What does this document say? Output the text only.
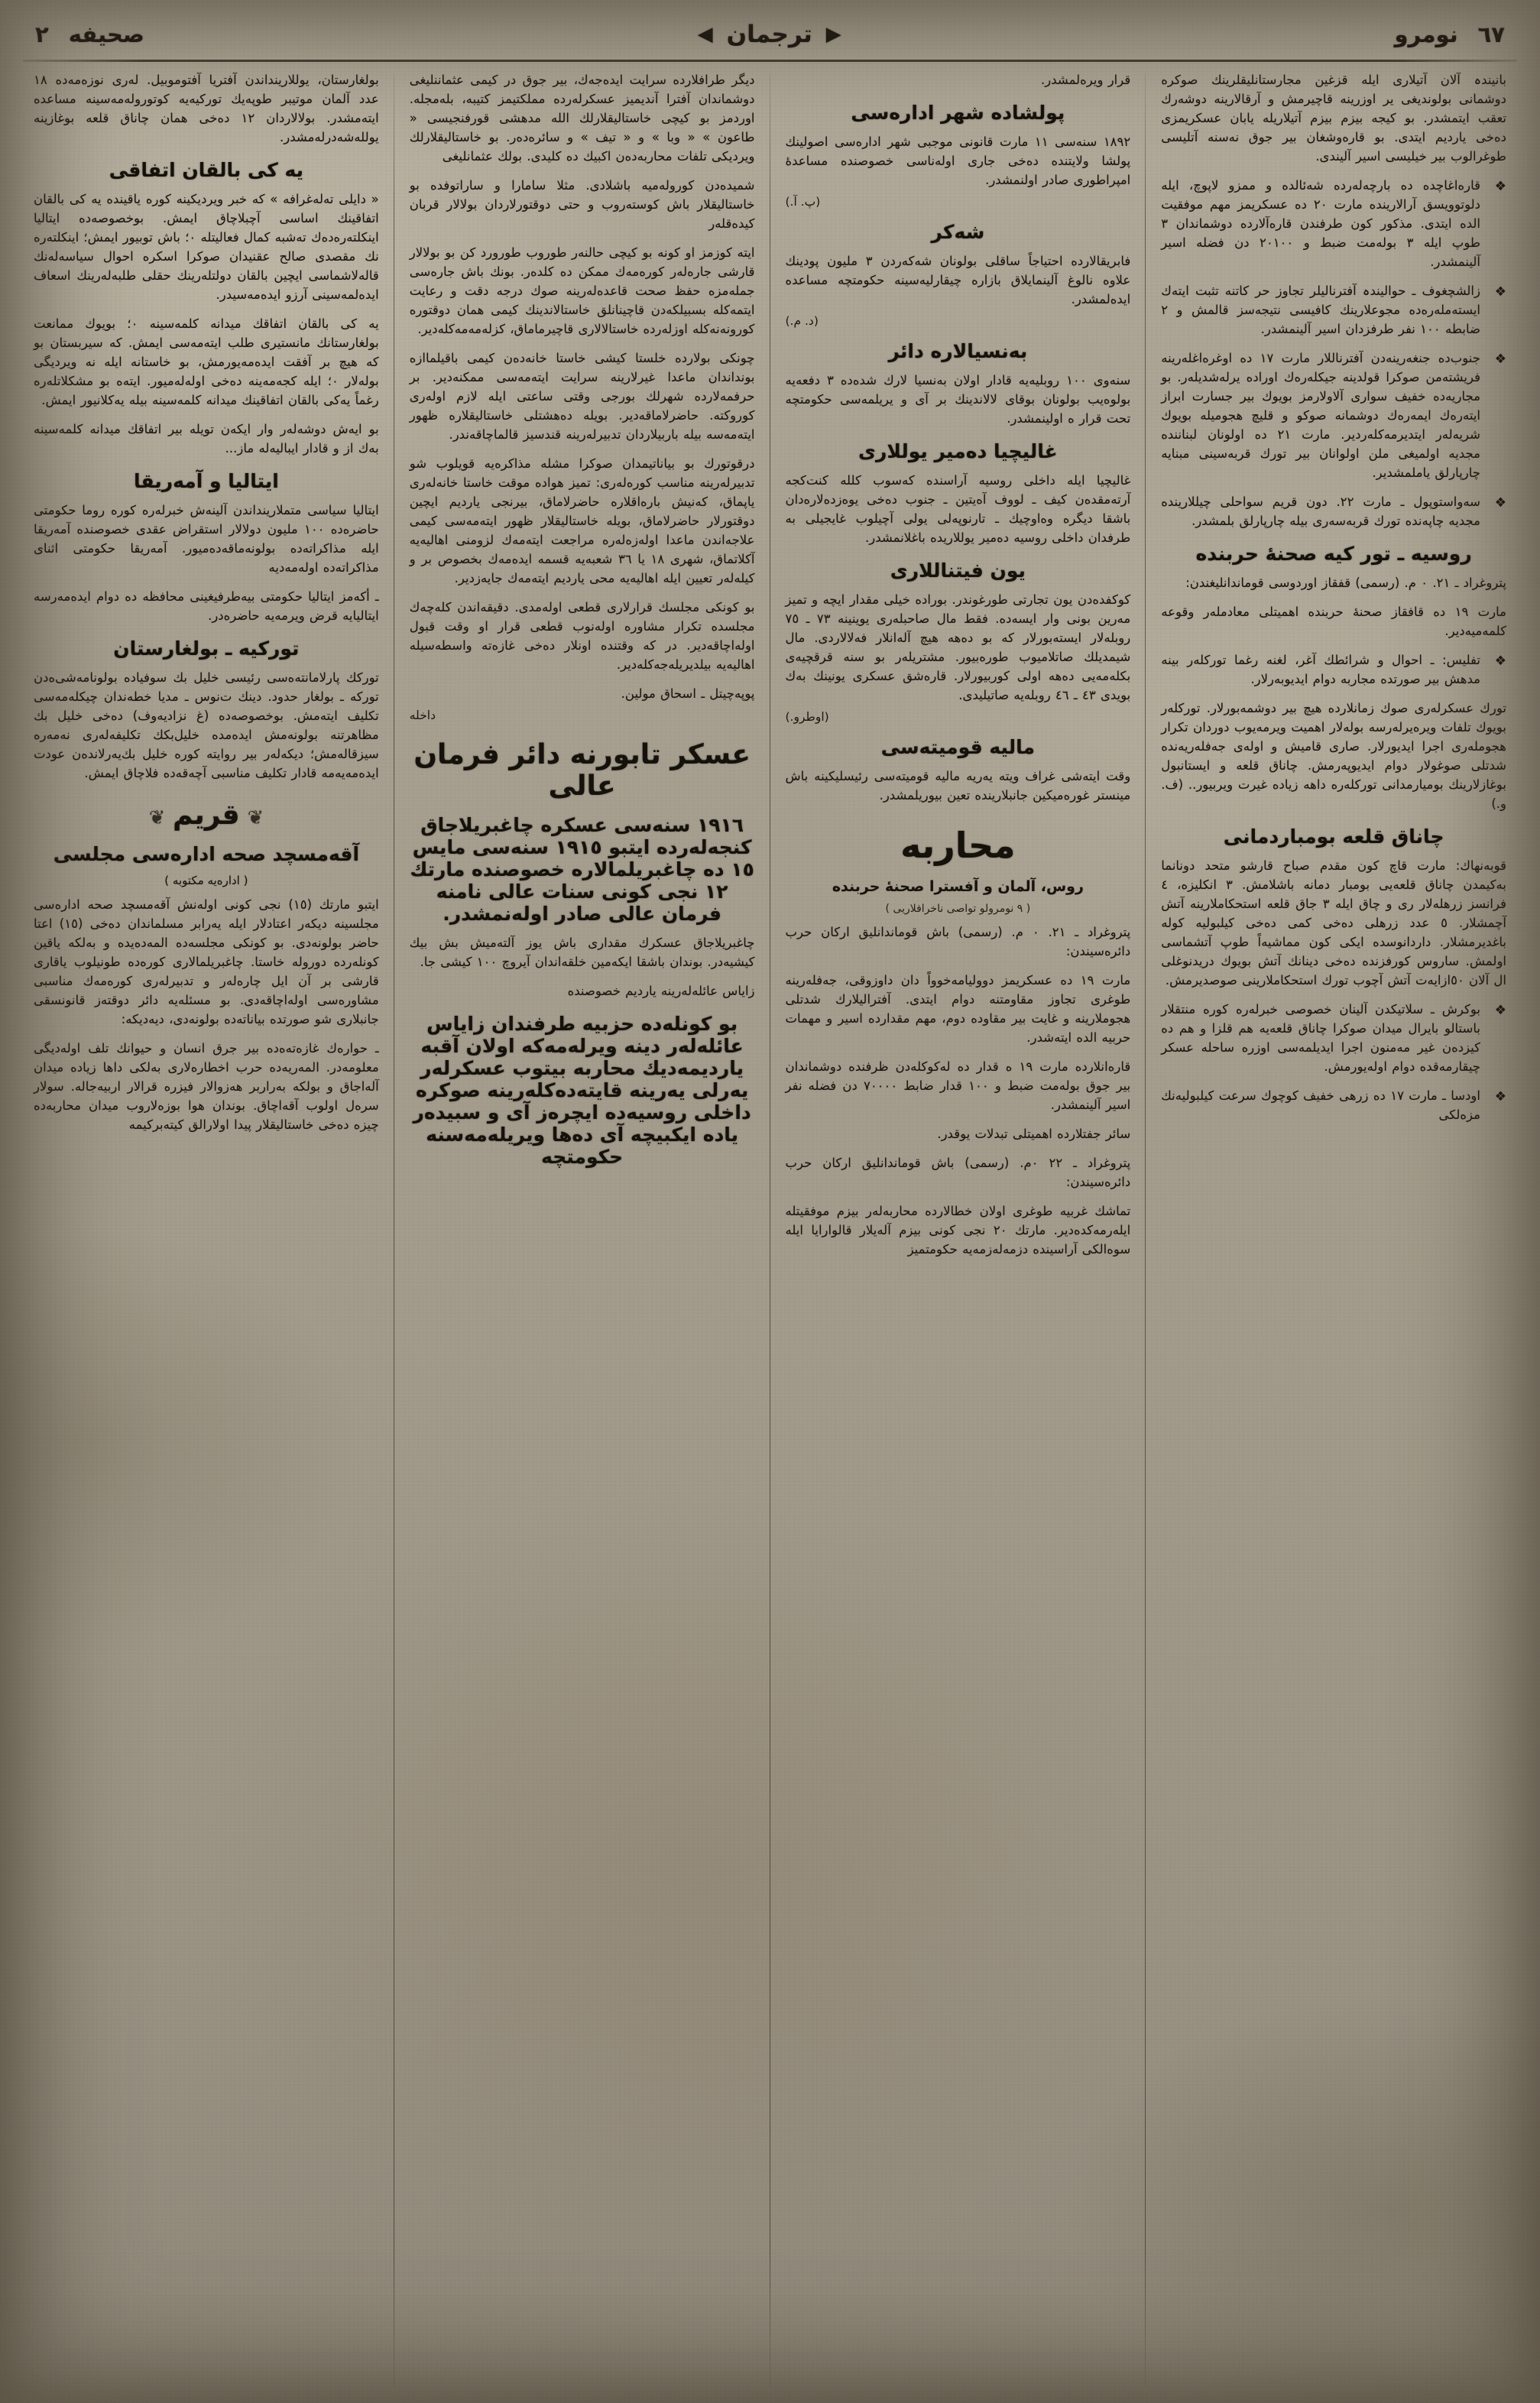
٦٧
نومرو
▶
ترجمان
◀
صحیفه
٢

بانیندہ آلان آتیلاری ایله قزغین مجارستانلیقلرینك صوکره دوشمانی بولونديغی یر اوزرینه قاچیرمش و آرقالارینه دوشەرك تعقب ایتمشدر. بو کیجه بیزم بیزم آتیلاریله یابان عسکریمزی دەخی یاردیم ایتدی. بو قارەوشغان بیر جوق نەسنه آتلیسی طوغرالوب بیر خیلیسی اسیر آلیندی.

❖
قارەاغاچدە ده بارچەلەرده شەئالده و ممزو لاپوچ، ایله دلوتوویسق آرالارینده مارت ٢٠ ده عسکریمز مهم موفقیت الده ایتدی. مذکور کون طرفندن قارەآلاردە دوشماندان ٣ طوپ ایله ٣ بولەمت ضبط و ٢٠١٠٠ دن فضله اسیر آلینمشدر.

❖
زالشچغوف ـ حوالیندہ آفترنالیلر تجاوز حر کاتنه تثبت ایتەك ایستەملەرەدە مجوعلارینك کافیسی نتیجەسز قالمش و ٢ ضابطه ١٠٠ نفر طرفزدان اسیر آلینمشدر.

❖
جنوب‌ده جنغەرینەدن آفترناللار مارت ١٧ ده اوغرەاغلەرینە فریشتەمن صوکرا قولدینه جیکلەرەك اوراده یرلەشدیلەر. بو مجاریەدە خفیف سواری آلاولارمز بویوك بیر جسارت ابراز ایتەرەك ایمەرەك دوشمانه صوکو و قلیچ هجومیله بویوك شریەلەر ایتدیرمەكلەردیر. مارت ٢١ ده اولونان لبنانندە مجدیه اولمیغی ملن اولوانان بیر تورك قربەسینی مبنا‌یه چارپارلق یاملمشدیر.

❖
سەواستوپول ـ مارت ٢٢. دون قریم سواحلی چیللارینده مجدیه چاپەندە تورك قربەسەری بیلە چارپارلق بلمشدر.

روسیه ـ تور کیه صحنۀ حربنده

پتروغراد ـ ٢١. ٠ م. (رسمی) قفقاز اوردوسی قوماندانلیغندن:

مارت ١٩ ده قافقاز صحنۀ حربنده اهمیتلی معادملەر وقوعه کلمەمیەدیر.

❖
تفلیس: ـ احوال و شرائطك آغر، لغنه رغما تورکلەر بینه مدهش بیر صورتده مجاربه دوام ایدیوبەرلار.

تورك عسکرلەری صوك زمانلارده هیچ بیر دوشمەبورلار. تورکلەر بویوك تلفات ویرەیرلەرسه بولەلار اهمیت ویرمەیوب دوردان تکرار هجوملەری اجرا ایدیورلار. صاری قامیش و اولەی جەفلەریەنده شدتلی صوغولار دوام ایدیوپەرمش. چاناق قلعه و ایستانبول بوغازلارینك بومیارمدانی تورکلەرە داهه زیاده غیرت ویربیور.. (ف. و.)

چاناق قلعه بومباردمانی

قوبەنهاك: مارت قاچ کون مقدم صباح قارشو متحد دونانما به‌کیمدن چاناق قلعەیی بومبار دمانە باشلامش. ٣ انکلیزە، ٤ فرانسز زرهلەلار ری و چاق ایله ٣ جاق قلعه استحکاملارینە آتش آچمشلار. ٥ عدد زرهلی ده‌خی کمی دەخی کیلبولیه كوله باغدیرمشلار. داردانوسدە ایکی کون مماشیه‌اً طوپ آتشماسی اولمش. ساروس كورفزنده دەخی دینانك آتش بویوك دریدنوغلی ال آلان ٥٠ازایەت آتش آچوب تورك استحکاملارینی صوصدیرمش.

❖
بوکرش ـ سلاتیکدن آلینان خصوصی خبرلەره کوره منتقلار باستالو بایرال میدان صوکرا چاناق قلعه‌یه هم قلزا و هم ده کیزدەن غیر مەمنون اجرا ایدیلمەسی اوزرە ساحلە عسکر چیقارمەقدە دوام اولەیورمش.

❖
اودسا ـ مارت ١٧ ده زرهی خفیف كوچوك سرعت کیلبولیەنك مزەلكی

قرار ویرەلمشدر.

پولشادە شهر ادارەسی

١٨٩٢ سنەسی ١١ مارت قانونی موجبی شهر ادارەسی اصولینك پولشا ولایتنده دەخی جاری اولەناسی خصوصنده مساعدۀ امپراطوری صادر اولنمشدر.

(پ. آ.)

شه‌كر

فابریقالاردە احتیاجاً ساقلی بولونان شه‌كەردن ٣ ملیون پودینك علاوه نالوغ آلینمایلاق بازارە چیقارلیەسینە حکومتچه مساعده ایدەلمشدر.

(د. م.)

به‌نسیالاره دائر

سنەوی ١٠٠ روبلیەیە قادار اولان به‌نسیا لارك شدەدە ٣ دفعه‌یە بولوەیب بولونان بوقای لالاندینك بر آی و یریلمەسی حکومتچه تحت قرار ه اولینمشدر.

غالیچیا دەمیر یوللاری

غالیچیا ایله داخلی روسیه آراسنده کەسوب کلله كنت‌كجه آرتەمقدەن كیف ـ لووف آەیتین ـ جنوب دەخی یوە‌زدەلارەدان باشقا دیگرە وەاوچیك ـ تارنوپه‌لی یولی آچیلوب غایجیلی به طرفدان داخلی روسیه دەمیر یوللاریدە باغلانمشدر.

یون فیتناللاری

كوكفدە‌دن یون تجارتی طورغوندر. بورادە خیلی مقدار ایچه و تمیز مەرین بونی وار ایسەده. فقط مال صاحبلەری یوینینه ٧٣ ـ ٧٥ روبلەلار ایستەبورلار كه بو دەهه هیچ آلەانلار فەلالاردی. مال شیمدیلك صاتلاميوب طورەبیور. مشتریلەر بو سنه قرقچیەی بکلەمەیی دەهه اولی كوربیورلار. قارەشق عسکری یونینك بەك بویدی ٤٣ ـ ٤٦ روبلەیه صاتیلیدی.

(اوطرو.)

مالیه قومیتەسی

وقت ایتەشی غراف ویتە یەریە مالیه قومیتەسی رئیسلیکینه باش مینستر غورەمیكین جانبلارینده تعین بیوریلمشدر.

محاربه
روس، آلمان و آفسترا صحنۀ حربنده
( ٩ نومرولو تواصی ناخرافلاریی )

پتروغراد ـ ٢١. ٠ م. (رسمی) باش قوماندانلیق ارکان حرب دائرەسیندن:

مارت ١٩ ده عسکریمز دوولیامەخوواً دان داوزوقی، جەفلەرینە طوغری تجاوز مقاومتنه دوام ایتدی. آفترالیلارك شدتلی هجوملارینە و غایت بیر مقاوده دوم، مهم مقدارده اسیر و مهمات حربیه الده ایتەشدر.

قارەانلارده مارت ١٩ ه قدار ده لەكوكلەدن ظرفنده دوشماندان بیر جوق بولەمت ضبط و ١٠٠ قدار ضابط ٧٠٠٠٠ دن فضله نفر اسیر آلینمشدر.

سائر جفتلارده اهمیتلی تبدلات یوقدر.

پتروغراد ـ ٢٢ ٠م. (رسمی) باش قوماندانلیق ارکان حرب دائرەسیندن:

تماشك غربیه طوغری اولان خطالاردە محاربەلەر بیزم موفقیتلە ایلەرمەكدەدیر. مارتك ٢٠ نجی کونی بیزم آلەیلار قالوارايا ایله سوەالكی آراسینده دزمەلەزمەیە حکومتمیز

دیگر طرافلاردە سرایت ایدەجەك، بیر جوق در کیمی عثماننلیغی دوشماندان آفترا آندیمیز عسکرلەردە مملکتیمز كتیبه، بلەمجلە. اوردمز بو کیچی خاستالیقلارلك الله مدهشی قورفنجیسی « طاعون » « وبا » و « تیف » و سائرەدەر. بو خاستالیقلارلك ویردیکی تلفات محاربەدەن اكبیك ده کلیدی. بولك عثمانلیغی

شمیدەدن كورولەمیە باشلادی. مثلا سامارا و ساراتوفدە بو خاستالیقلار باش كوستەروب و حتی دوقتورلاردان بولالار قربان كیدەقلەر

ایتە كوزمز او کونه بو کیچی حالنەر طوروب طورورد کن بو بولالار قارشی جارەلەر كورەمەك ممكن ده کلدەر. بونك باش جارەسی جملەمزە حفظ صحت قاعدەلەرینە صوك درجه دقت و رعایت ایتمەكله بسبیلكەدن قاچینانلق خاستالاندینك کیمی همان دوقتورە كورونەنەكله اوزلەردە خاستالالاری قاچیرماماق، کزلەمەمەكلەدیر.

چونکی بولاردە خلستا كیشی خاستا خانەدەن كیمی باقیلماازە بونداندان ماعدا غیرلارینە سرایت ایتەمەسی ممكنەدیر. بر حرفمەلاردە شهرلك بورجی وقتی ساعتی ایله لازم اولەری كوروكتە. حاضرلاماقەدیر. بویله دەهشتلی خاستالیقلارە ظهور ایتەمەسە بیلە باربیلاردان تدبیرلەرینە قندسیز قالماچاقەندر.

درقوتورك بو بیاناتیمدان صوكرا مشله مذاكرەیە قویلوب شو تدبیرلەرینە مناسب کورەلەری: تمیز هواده موقت خاستا خانەلەری یاپماق، كەنیش بارەاقلارە حاضرلاماق، بیرنجی یاردیم ایچین دوقتورلار حاضرلاماق، بویله خاستالیقلار ظهور ایتەمەسی کیمی علاجەاندن ماعدا اولەزەلەرە مراجعت ایتەمەك لزومنی اهالیەیە آكلاتماق، شهری ١٨ یا ٣٦ شعبەیە قسمە ایدەمەك بخصوص بر و كیلەلەر تعیین ایله اهالیەیە محی یاردیم ایتەمەك جایەزدیر.

بو كونكی مجلسك قرارلاری قطعی اولەمدی. دقیقەاندن كلەچەك مجلسدە تکرار مشاوره اولەنوب قطعی قرار او وقت قبول اولەاچاقەدیر. در كە وقتنده اونلار دەخی غازەتە واسطەسیله اهالیەیە بیلدیریلەجەكلەدیر.

پوپەچیتل ـ اسحاق مولین.

داخله

عسکر تابورنه دائر فرمان عالی
١٩١٦ سنەسی عسکرە چاغبریلاجاق کنجەلەردە ایتبو ١٩١٥ سنەسی مایس ١٥ ده چاغبریلمالارە خصوصنده مارتك ١٢ نجی کونی سنات عالی نامنه فرمان عالی صادر اولەنمشدر.

چاغبریلاجاق عسکرك مقداری باش یوز آلتەمیش بش بیك كیشیەدر. بوندان باشقا ایکەمین خلقەاندان آیروچ ١٠٠ كیشی جا.

زایاس عائلەلەرینە یاردیم خصوصنده

بو كونلەده حزبیە طرفندان زایاس عائلەلەر دینە ویرلەمەكە اولان آقبە یاردیمەدیك محاربه بیتوب عسکرلەر یەرلی یەرینە قایتەدەكلەرینە صوكرە داخلی روسیەدە ایچرەز آی و سبیدەر یادە ایکبیچە آی دەها ویریلەمەسنە حکومتچه

بولغارستان، یوللارینداندن آفتریا آفتوموبیل. لەری نوزەمەدە ١٨ عدد آلمان موتیبر طوپەیك توركیەیە كوتورولەمەسینە مساعده ایتەمشدر. بولالاردان ١٢ دەخی همان چاناق قلعه بوغازینە یوللەشەدرلەمشدر.

یه كی بالقان اتفاقی

« دایلی تەلەغرافە » كه خبر ویردیکینە كوره یاقینده یه كی بالقان اتفاقینك اساسی آچبلاچاق ایمش. بوخصوصەدە ایتالیا اینكلتەرەدەك ته‌شبه كمال فعالیتله ٠؛ باش توبیور ایمش؛ اینكلتەرە نك مقصدی صالح عقنیدان صوكرا اسكرە احوال سیاسەلەنك قالەلاشماسی ایچین بالقان دولتلەرینك حقلی طلبەلەرینك اسعاف ایدەلمەسینی آرزو ایدەمەسیدر.

یه كی بالقان اتفاقك میدانه كلمەسینە ٠؛ بویوك ممانعت بولغارستانك مانستیری طلب ایتەمەسی ایمش. كه سیربستان بو كه هیچ بر آفقت ایدەمەیورمش، بو خاستانە ایله نە ویردیگی بولەلار ٠؛ ایله كجەمەینە دەخی اولەلەمیور. ایتەه بو مشكلاتلەرە رغماً یەكی بالقان اتفاقینك میدانه كلمەسینە بیله یەكلانیور ایمش.

بو ایەش دوشەلەر وار ایكەن تویله بیر اتفاقك میدانه كلمەسینە بەك از و قادار ایبالیەلە ماز...

ایتالیا و آمەریقا

ایتالیا سیاسی متملارینداندن آلینەش خبرلەرە كوره روما حكومتی حاضرەده ١٠٠ ملیون دولالار استقراض عقدی خصوصنده آمەریقا ایله مذاكراتەده بولونەماقەدەمیور. آمەریقا حكومتی اثنای مذاكراتەده اولەمەدیە

ـ أكەمز ایتالیا حكومتی بیەطرفیغینی محافظه ده دوام ایدەمەرسه ایتالیایه قرض ویرمەیه حاضرەدر.

توركیه ـ بولغارستان

توركك پارلامانتەەسی رئیسی خلیل بك سوفیادە بولونامەشی‌ەدن توركه ـ بولغار حدود. دینك ت‌نوس ـ مدیا خطەندان چیكلەمەسی تكلیف ایتەمش. بوخصوصەدە (غ نزادیەوف) دەخی خلیل بك مظاهرتنه بولونەمش ایدەمده خلیل‌بكك تكلیفەلەری نەمەرە سیزقالەمش؛ دیكەلەر بیر روایتە كوره خلیل بك‌یەرلاندەن عودت ایدەمەیەمه قادار تكلیف مناسبی آچەقەدە فلاچاق ایمش.

❦ قریم ❦
آقەمسچد صحه ادارەسی مجلسی
( ادارەیه مكتوبه )

ایتبو مارتك (١٥) نجی كونی اولەنش آقەمسچد صحه ادارەسی مجلسینە دیكەر اعتادلار ایله یەرابر مسلماندان دەخی (١٥) اعتا حاضر بولونەدی. بو كونكی مجلسەده المەدەیدە و بەلكه یاقین كونلەردە دوروله خاستا. چاغبریلمالاری كورەده طونیلوب یاقاری قارشی بر آن ایل چارەلەر و تدبیرلەری كورەمەك مناسبی مشاورەسی اولەاچاقەدی. بو مسئلەیە دائر دوقتەز قانونسقی جانبلاری شو صورتده بیاناتەده بولونەدی، دیەدیكە:

ـ حوارەك غازەتەەده بیر جرق انسان و حیوانك تلف اولەدیگی معلومەدر. المەریەدە حرب اخطارەلاری بەلكی داها زیاده میدان آلەاجاق و بولكە بەراربر هەزوالار فیزرە قرالار اربیه‌جاله. سولار سرەل اولوب آقەاچاق. بوندان هوا بوزەلاروب میدان محاربەدە چیزە دەخی خاستالیقلار پیدا اولارالق كیتەبرکیمە
